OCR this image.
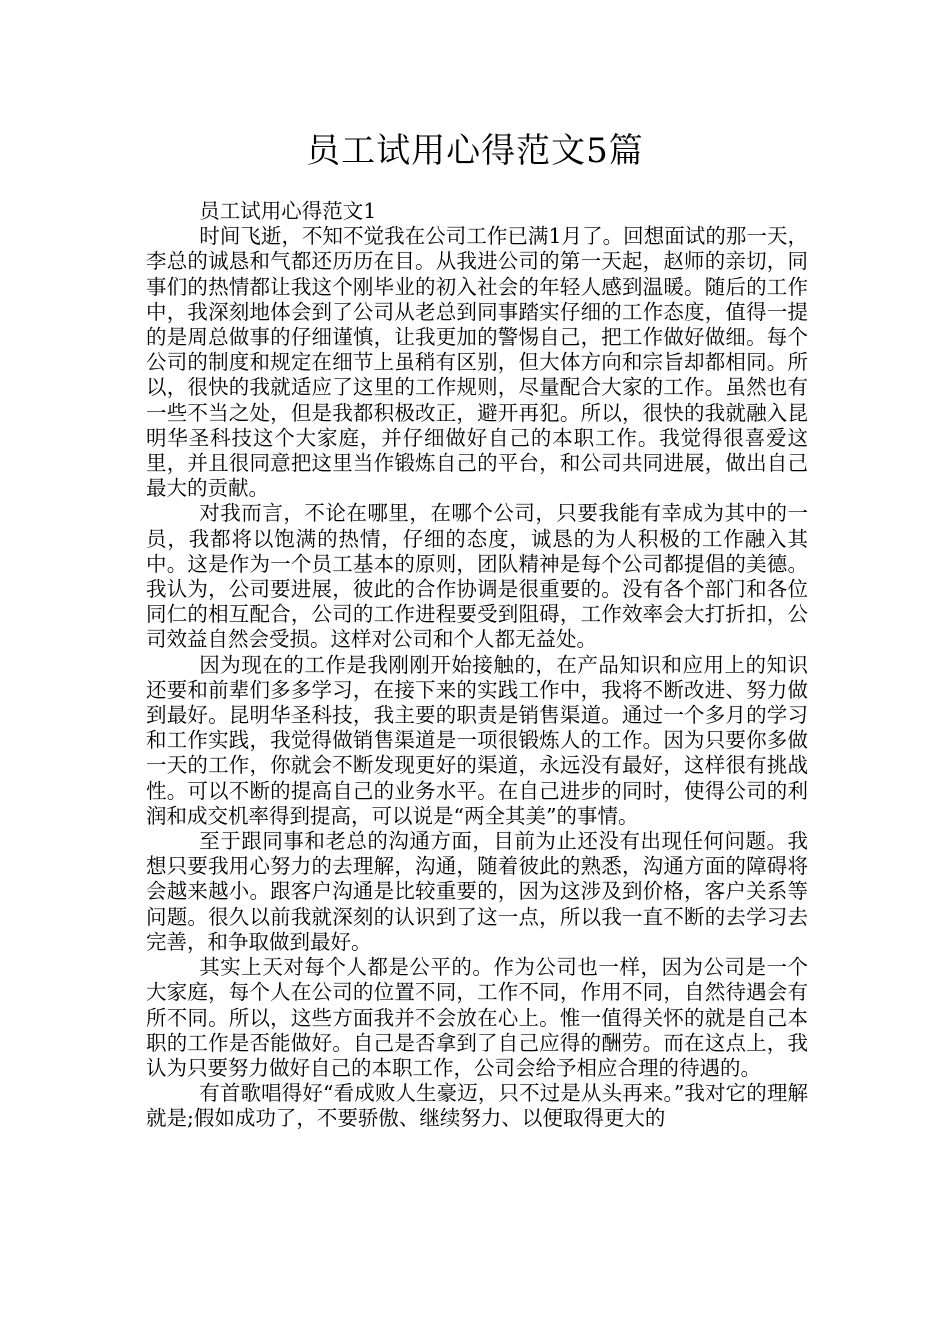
员工试用心得范文5篇

员工试用心得范文1

时间飞逝，不知不觉我在公司工作已满1月了。回想面试的那一天，李总的诚恳和气都还历历在目。从我进公司的第一天起，赵师的亲切，同事们的热情都让我这个刚毕业的初入社会的年轻人感到温暖。随后的工作中，我深刻地体会到了公司从老总到同事踏实仔细的工作态度，值得一提的是周总做事的仔细谨慎，让我更加的警惕自己，把工作做好做细。每个公司的制度和规定在细节上虽稍有区别，但大体方向和宗旨却都相同。所以，很快的我就适应了这里的工作规则，尽量配合大家的工作。虽然也有一些不当之处，但是我都积极改正，避开再犯。所以，很快的我就融入昆明华圣科技这个大家庭，并仔细做好自己的本职工作。我觉得很喜爱这里，并且很同意把这里当作锻炼自己的平台，和公司共同进展，做出自己最大的贡献。

对我而言，不论在哪里，在哪个公司，只要我能有幸成为其中的一员，我都将以饱满的热情，仔细的态度，诚恳的为人积极的工作融入其中。这是作为一个员工基本的原则，团队精神是每个公司都提倡的美德。我认为，公司要进展，彼此的合作协调是很重要的。没有各个部门和各位同仁的相互配合，公司的工作进程要受到阻碍，工作效率会大打折扣，公司效益自然会受损。这样对公司和个人都无益处。

因为现在的工作是我刚刚开始接触的，在产品知识和应用上的知识还要和前辈们多多学习，在接下来的实践工作中，我将不断改进、努力做到最好。昆明华圣科技，我主要的职责是销售渠道。通过一个多月的学习和工作实践，我觉得做销售渠道是一项很锻炼人的工作。因为只要你多做一天的工作，你就会不断发现更好的渠道，永远没有最好，这样很有挑战性。可以不断的提高自己的业务水平。在自己进步的同时，使得公司的利润和成交机率得到提高，可以说是“两全其美”的事情。

至于跟同事和老总的沟通方面，目前为止还没有出现任何问题。我想只要我用心努力的去理解，沟通，随着彼此的熟悉，沟通方面的障碍将会越来越小。跟客户沟通是比较重要的，因为这涉及到价格，客户关系等问题。很久以前我就深刻的认识到了这一点，所以我一直不断的去学习去完善，和争取做到最好。

其实上天对每个人都是公平的。作为公司也一样，因为公司是一个大家庭，每个人在公司的位置不同，工作不同，作用不同，自然待遇会有所不同。所以，这些方面我并不会放在心上。惟一值得关怀的就是自己本职的工作是否能做好。自己是否拿到了自己应得的酬劳。而在这点上，我认为只要努力做好自己的本职工作，公司会给予相应合理的待遇的。

有首歌唱得好“看成败人生豪迈，只不过是从头再来。”我对它的理解就是;假如成功了，不要骄傲、继续努力、以便取得更大的
